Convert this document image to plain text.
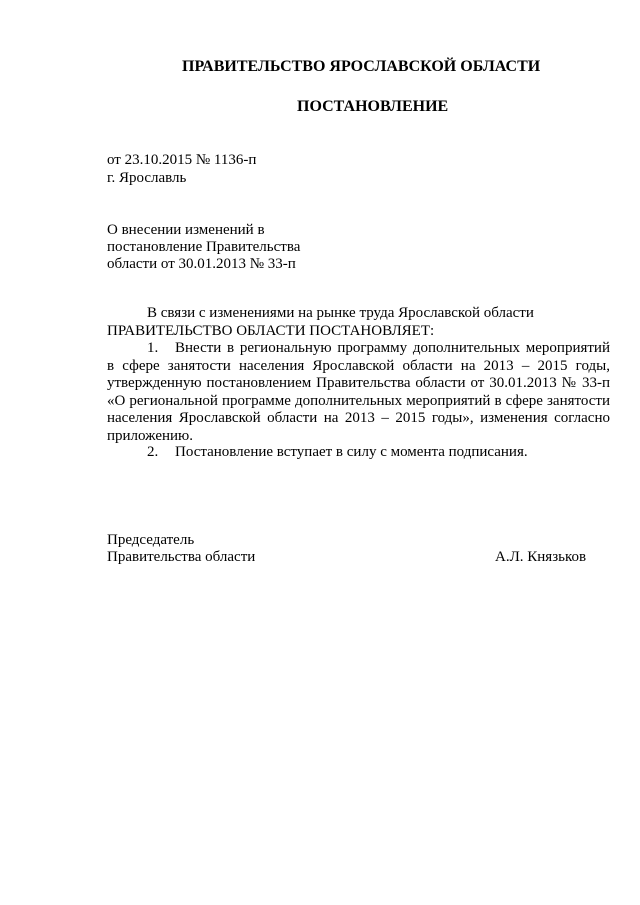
ПРАВИТЕЛЬСТВО ЯРОСЛАВСКОЙ ОБЛАСТИ
ПОСТАНОВЛЕНИЕ
от 23.10.2015 № 1136-п
г. Ярославль
О внесении изменений в
постановление Правительства
области от 30.01.2013 № 33-п

В связи с изменениями на рынке труда Ярославской области

ПРАВИТЕЛЬСТВО ОБЛАСТИ ПОСТАНОВЛЯЕТ:

1. Внести в региональную программу дополнительных мероприятий в сфере занятости населения Ярославской области на 2013 – 2015 годы, утвержденную постановлением Правительства области от 30.01.2013 № 33-п «О региональной программе дополнительных мероприятий в сфере занятости населения Ярославской области на 2013 – 2015 годы», изменения согласно приложению.
2. Постановление вступает в силу с момента подписания.
Председатель
Правительства области	А.Л. Князьков
